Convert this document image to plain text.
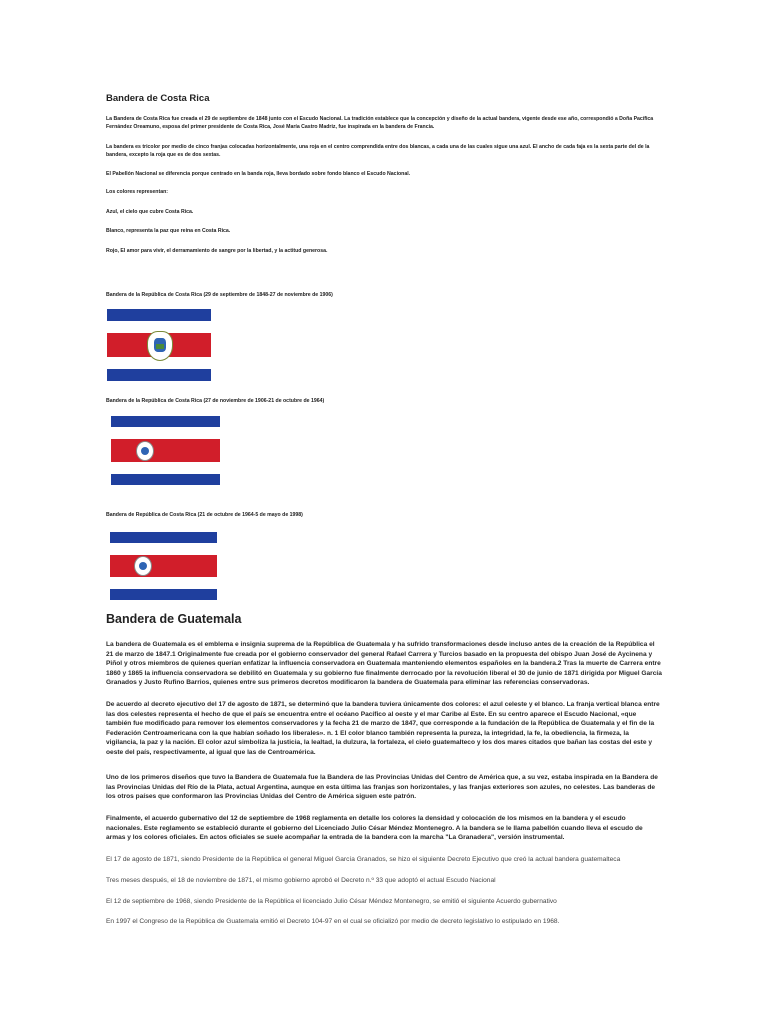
Bandera de Costa Rica
La Bandera de Costa Rica fue creada el 29 de septiembre de 1848 junto con el Escudo Nacional. La tradición establece que la concepción y diseño de la actual bandera, vigente desde ese año, correspondió a Doña Pacífica Fernández Oreamuno, esposa del primer presidente de Costa Rica, José María Castro Madriz, fue inspirada en la bandera de Francia.
La bandera es tricolor por medio de cinco franjas colocadas horizontalmente, una roja en el centro comprendida entre dos blancas, a cada una de las cuales sigue una azul. El ancho de cada faja es la sexta parte del de la bandera, excepto la roja que es de dos sextas.
El Pabellón Nacional se diferencia porque centrado en la banda roja, lleva bordado sobre fondo blanco el Escudo Nacional.
Los colores representan:
Azul, el cielo que cubre Costa Rica.
Blanco, representa la paz que reina en Costa Rica.
Rojo, El amor para vivir, el derramamiento de sangre por la libertad, y la actitud generosa.
Bandera de la República de Costa Rica (29 de septiembre de 1848-27 de noviembre de 1906)
Bandera de la República de Costa Rica (27 de noviembre de 1906-21 de octubre de 1964)
Bandera de República de Costa Rica (21 de octubre de 1964-5 de mayo de 1998)
Bandera de Guatemala
La bandera de Guatemala es el emblema e insignia suprema de la República de Guatemala y ha sufrido transformaciones desde incluso antes de la creación de la República el 21 de marzo de 1847.1 Originalmente fue creada por el gobierno conservador del general Rafael Carrera y Turcios basado en la propuesta del obispo Juan José de Aycinena y Piñol y otros miembros de quienes querían enfatizar la influencia conservadora en Guatemala manteniendo elementos españoles en la bandera.2 Tras la muerte de Carrera entre 1860 y 1865 la influencia conservadora se debilitó en Guatemala y su gobierno fue finalmente derrocado por la revolución liberal el 30 de junio de 1871 dirigida por Miguel García Granados y Justo Rufino Barrios, quienes entre sus primeros decretos modificaron la bandera de Guatemala para eliminar las referencias conservadoras.
De acuerdo al decreto ejecutivo del 17 de agosto de 1871, se determinó que la bandera tuviera únicamente dos colores: el azul celeste y el blanco. La franja vertical blanca entre las dos celestes representa el hecho de que el país se encuentra entre el océano Pacífico al oeste y el mar Caribe al Este. En su centro aparece el Escudo Nacional, «que también fue modificado para remover los elementos conservadores y la fecha 21 de marzo de 1847, que corresponde a la fundación de la República de Guatemala y el fin de la Federación Centroamericana con la que habían soñado los liberales». n. 1 El color blanco también representa la pureza, la integridad, la fe, la obediencia, la firmeza, la vigilancia, la paz y la nación. El color azul simboliza la justicia, la lealtad, la dulzura, la fortaleza, el cielo guatemalteco y los dos mares citados que bañan las costas del este y oeste del país, respectivamente, al igual que las de Centroamérica.
Uno de los primeros diseños que tuvo la Bandera de Guatemala fue la Bandera de las Provincias Unidas del Centro de América que, a su vez, estaba inspirada en la Bandera de las Provincias Unidas del Río de la Plata, actual Argentina, aunque en esta última las franjas son horizontales, y las franjas exteriores son azules, no celestes. Las banderas de los otros países que conformaron las Provincias Unidas del Centro de América siguen este patrón.
Finalmente, el acuerdo gubernativo del 12 de septiembre de 1968 reglamenta en detalle los colores la densidad y colocación de los mismos en la bandera y el escudo nacionales. Este reglamento se estableció durante el gobierno del Licenciado Julio César Méndez Montenegro. A la bandera se le llama pabellón cuando lleva el escudo de armas y los colores oficiales. En actos oficiales se suele acompañar la entrada de la bandera con la marcha "La Granadera", versión instrumental.
El 17 de agosto de 1871, siendo Presidente de la República el general Miguel García Granados, se hizo el siguiente Decreto Ejecutivo que creó la actual bandera guatemalteca
Tres meses después, el 18 de noviembre de 1871, el mismo gobierno aprobó el Decreto n.º 33 que adoptó el actual Escudo Nacional
El 12 de septiembre de 1968, siendo Presidente de la República el licenciado Julio César Méndez Montenegro, se emitió el siguiente Acuerdo gubernativo
En 1997 el Congreso de la República de Guatemala emitió el Decreto 104-97 en el cual se oficializó por medio de decreto legislativo lo estipulado en 1968.
